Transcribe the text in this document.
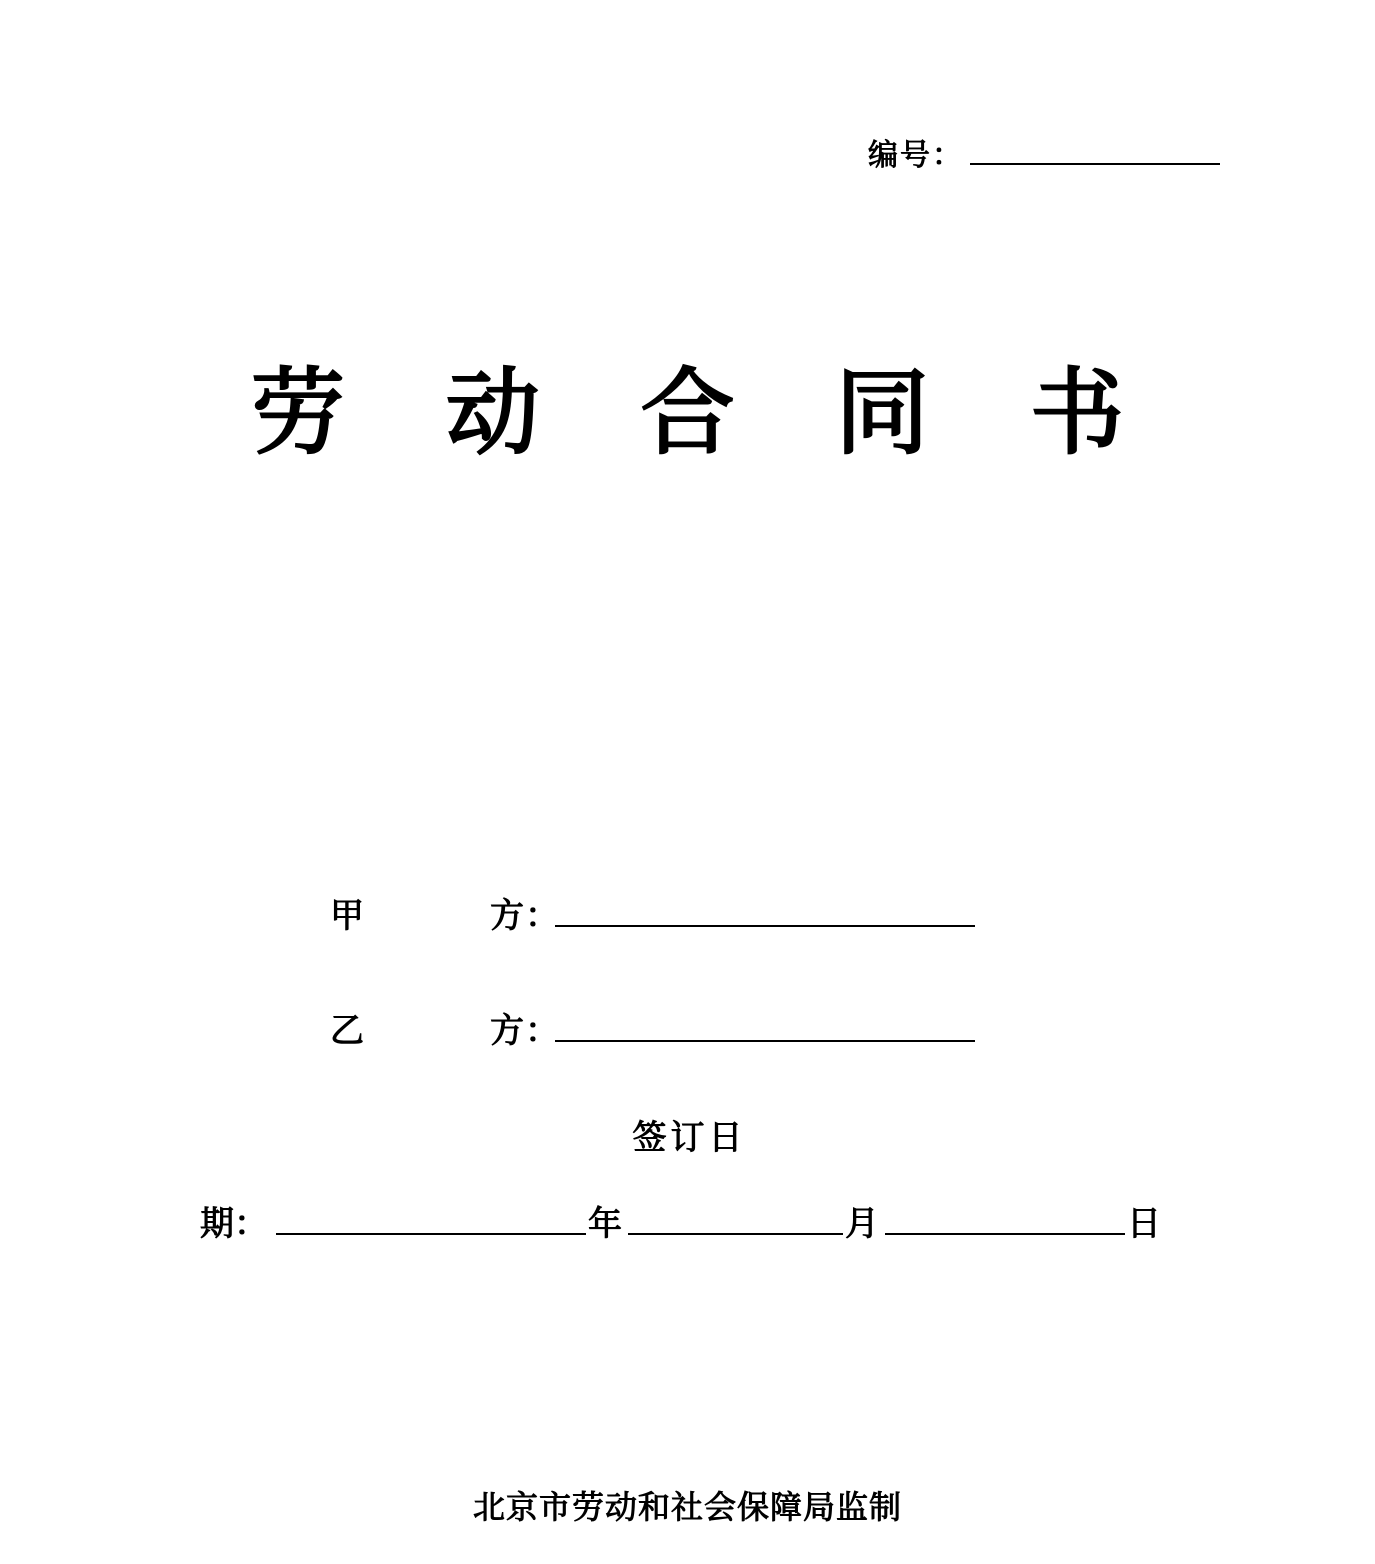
编号：
劳 动 合 同 书
甲	方：
乙	方：
签订日
期：	年	月	日
北京市劳动和社会保障局监制
